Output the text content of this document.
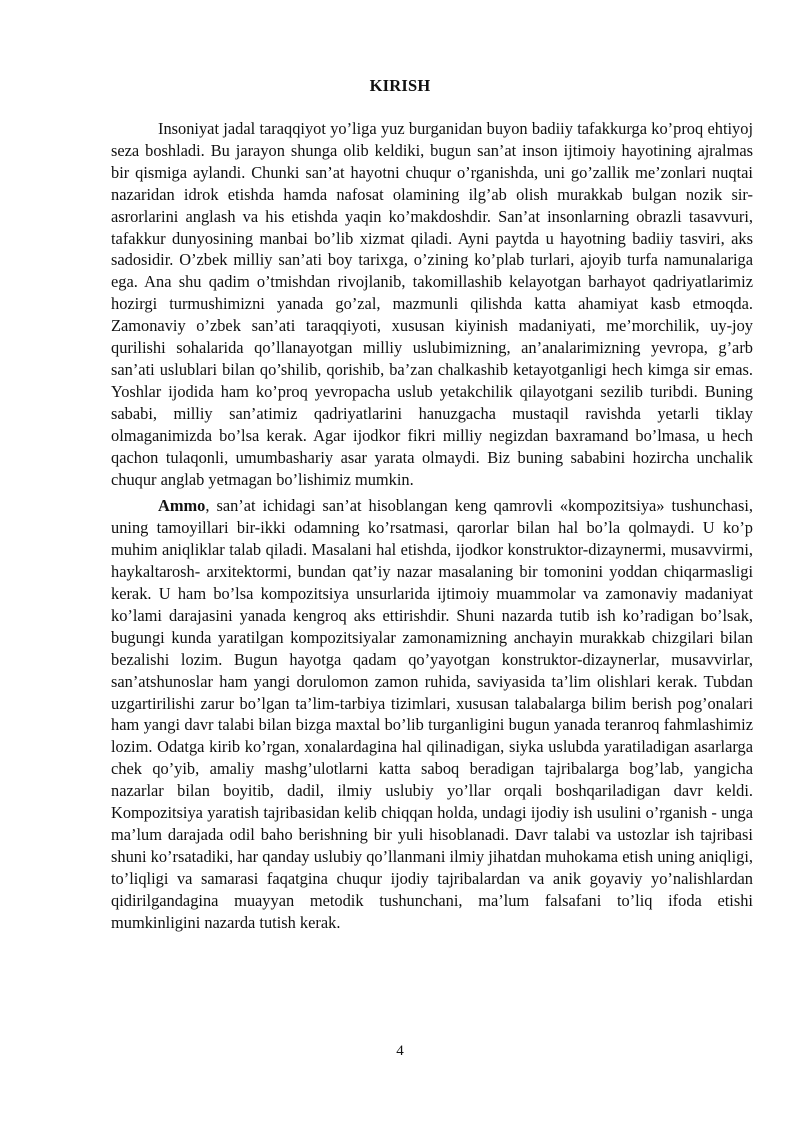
KIRISH

Insoniyat jadal taraqqiyot yo’liga yuz burganidan buyon badiiy tafakkurga ko’proq ehtiyoj seza boshladi. Bu jarayon shunga olib keldiki, bugun san’at inson ijtimoiy hayotining ajralmas bir qismiga aylandi. Chunki san’at hayotni chuqur o’rganishda, uni go’zallik me’zonlari nuqtai nazaridan idrok etishda hamda nafosat olamining ilg’ab olish murakkab bulgan nozik sir-asrorlarini anglash va his etishda yaqin ko’makdoshdir. San’at insonlarning obrazli tasavvuri, tafakkur dunyosining manbai bo’lib xizmat qiladi. Ayni paytda u hayotning badiiy tasviri, aks sadosidir. O’zbek milliy san’ati boy tarixga, o’zining ko’plab turlari, ajoyib turfa namunalariga ega. Ana shu qadim o’tmishdan rivojlanib, takomillashib kelayotgan barhayot qadriyatlarimiz hozirgi turmushimizni yanada go’zal, mazmunli qilishda katta ahamiyat kasb etmoqda. Zamonaviy o’zbek san’ati taraqqiyoti, xususan kiyinish madaniyati, me’morchilik, uy-joy qurilishi sohalarida qo’llanayotgan milliy uslubimizning, an’analarimizning yevropa, g’arb san’ati uslublari bilan qo’shilib, qorishib, ba’zan chalkashib ketayotganligi hech kimga sir emas. Yoshlar ijodida ham ko’proq yevropacha uslub yetakchilik qilayotgani sezilib turibdi. Buning sababi, milliy san’atimiz qadriyatlarini hanuzgacha mustaqil ravishda yetarli tiklay olmaganimizda bo’lsa kerak. Agar ijodkor fikri milliy negizdan baxramand bo’lmasa, u hech qachon tulaqonli, umumbashariy asar yarata olmaydi. Biz buning sababini hozircha unchalik chuqur anglab yetmagan bo’lishimiz mumkin.

Ammo, san’at ichidagi san’at hisoblangan keng qamrovli «kompozitsiya» tushunchasi, uning tamoyillari bir-ikki odamning ko’rsatmasi, qarorlar bilan hal bo’la qolmaydi. U ko’p muhim aniqliklar talab qiladi. Masalani hal etishda, ijodkor konstruktor-dizaynermi, musavvirmi, haykaltarosh- arxitektormi, bundan qat’iy nazar masalaning bir tomonini yoddan chiqarmasligi kerak. U ham bo’lsa kompozitsiya unsurlarida ijtimoiy muammolar va zamonaviy madaniyat ko’lami darajasini yanada kengroq aks ettirishdir. Shuni nazarda tutib ish ko’radigan bo’lsak, bugungi kunda yaratilgan kompozitsiyalar zamonamizning anchayin murakkab chizgilari bilan bezalishi lozim. Bugun hayotga qadam qo’yayotgan konstruktor-dizaynerlar, musavvirlar, san’atshunoslar ham yangi dorulomon zamon ruhida, saviyasida ta’lim olishlari kerak. Tubdan uzgartirilishi zarur bo’lgan ta’lim-tarbiya tizimlari, xususan talabalarga bilim berish pog’onalari ham yangi davr talabi bilan bizga maxtal bo’lib turganligini bugun yanada teranroq fahmlashimiz lozim. Odatga kirib ko’rgan, xonalardagina hal qilinadigan, siyka uslubda yaratiladigan asarlarga chek qo’yib, amaliy mashg’ulotlarni katta saboq beradigan tajribalarga bog’lab, yangicha nazarlar bilan boyitib, dadil, ilmiy uslubiy yo’llar orqali boshqariladigan davr keldi. Kompozitsiya yaratish tajribasidan kelib chiqqan holda, undagi ijodiy ish usulini o’rganish - unga ma’lum darajada odil baho berishning bir yuli hisoblanadi. Davr talabi va ustozlar ish tajribasi shuni ko’rsatadiki, har qanday uslubiy qo’llanmani ilmiy jihatdan muhokama etish uning aniqligi, to’liqligi va samarasi faqatgina chuqur ijodiy tajribalardan va anik goyaviy yo’nalishlardan qidirilgandagina muayyan metodik tushunchani, ma’lum falsafani to’liq ifoda etishi mumkinligini nazarda tutish kerak.

4
